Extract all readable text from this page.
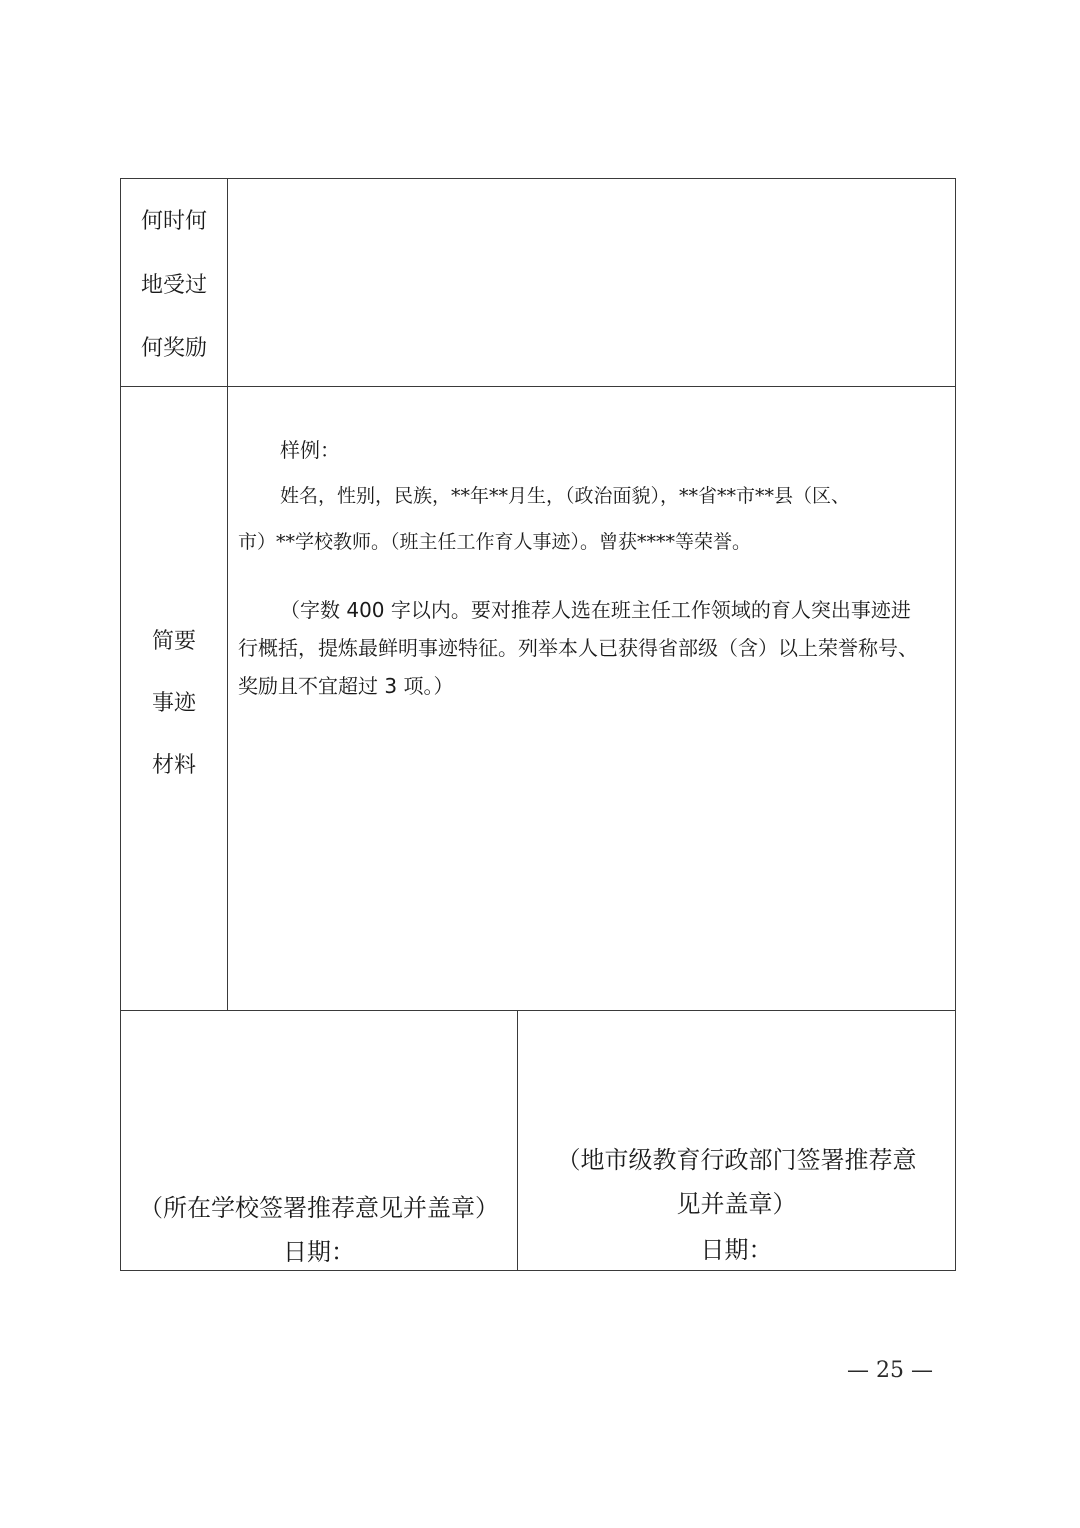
何时何
地受过
何奖励
简要
事迹
材料
样例：
姓名，性别，民族，**年**月生，（政治面貌），**省**市**县（区、
市）**学校教师。（班主任工作育人事迹）。曾获****等荣誉。
（字数 400 字以内。要对推荐人选在班主任工作领域的育人突出事迹进
行概括，提炼最鲜明事迹特征。列举本人已获得省部级（含）以上荣誉称号、
奖励且不宜超过 3 项。）
（所在学校签署推荐意见并盖章）
日期：
（地市级教育行政部门签署推荐意
见并盖章）
日期：
— 25 —
